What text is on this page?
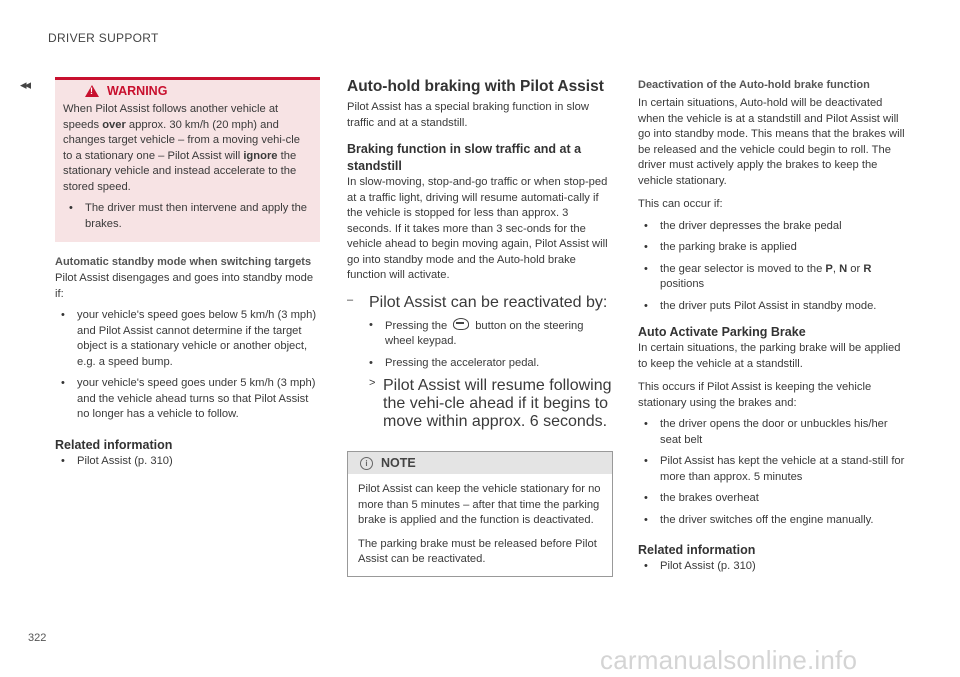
DRIVER SUPPORT
◂◂	! WARNING

When Pilot Assist follows another vehicle at speeds over approx. 30 km/h (20 mph) and changes target vehicle – from a moving vehi-cle to a stationary one – Pilot Assist will ignore the stationary vehicle and instead accelerate to the stored speed.

• The driver must then intervene and apply the brakes.
Automatic standby mode when switching targets

Pilot Assist disengages and goes into standby mode if:

• your vehicle's speed goes below 5 km/h (3 mph) and Pilot Assist cannot determine if the target object is a stationary vehicle or another object, e.g. a speed bump.
• your vehicle's speed goes under 5 km/h (3 mph) and the vehicle ahead turns so that Pilot Assist no longer has a vehicle to follow.
Related information
• Pilot Assist (p. 310)
Auto-hold braking with Pilot Assist

Pilot Assist has a special braking function in slow traffic and at a standstill.

Braking function in slow traffic and at a standstill

In slow-moving, stop-and-go traffic or when stop-ped at a traffic light, driving will resume automati-cally if the vehicle is stopped for less than approx. 3 seconds. If it takes more than 3 sec-onds for the vehicle ahead to begin moving again, Pilot Assist will go into standby mode and the Auto-hold brake function will activate.

– Pilot Assist can be reactivated by:
• Pressing the	button on the steering wheel keypad.
• Pressing the accelerator pedal.
> Pilot Assist will resume following the vehi-cle ahead if it begins to move within approx. 6 seconds.
i	NOTE

Pilot Assist can keep the vehicle stationary for no more than 5 minutes – after that time the parking brake is applied and the function is deactivated.

The parking brake must be released before Pilot Assist can be reactivated.

Deactivation of the Auto-hold brake function

In certain situations, Auto-hold will be deactivated when the vehicle is at a standstill and Pilot Assist will go into standby mode. This means that the brakes will be released and the vehicle could begin to roll. The driver must actively apply the brakes to keep the vehicle stationary.

This can occur if:

• the driver depresses the brake pedal
• the parking brake is applied
• the gear selector is moved to the P, N or R positions
• the driver puts Pilot Assist in standby mode.
Auto Activate Parking Brake

In certain situations, the parking brake will be applied to keep the vehicle at a standstill.

This occurs if Pilot Assist is keeping the vehicle stationary using the brakes and:

• the driver opens the door or unbuckles his/her seat belt
• Pilot Assist has kept the vehicle at a stand-still for more than approx. 5 minutes
• the brakes overheat
• the driver switches off the engine manually.
Related information
• Pilot Assist (p. 310)
322
carmanualsonline.info
